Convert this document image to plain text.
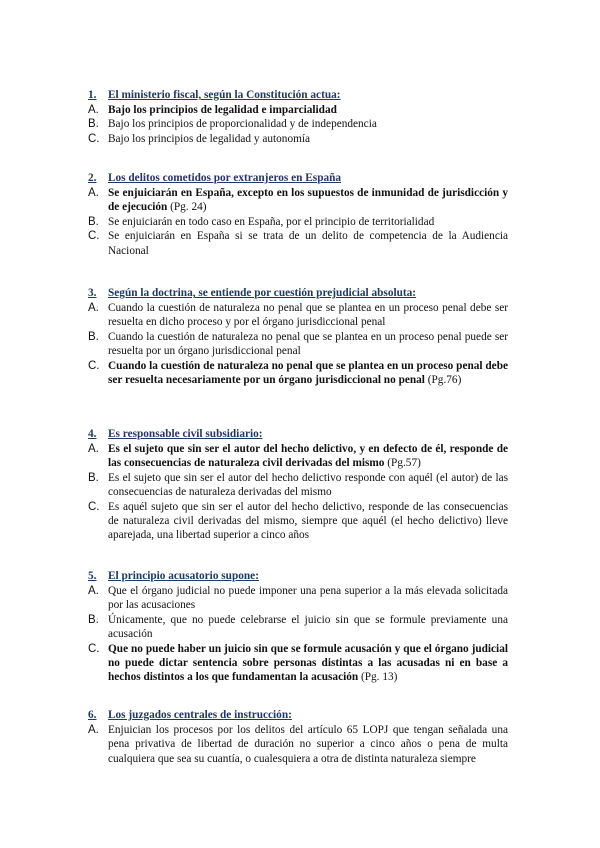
1.	El ministerio fiscal, según la Constitución actua:
A. Bajo los principios de legalidad e imparcialidad
B. Bajo los principios de proporcionalidad y de independencia
C. Bajo los principios de legalidad y autonomía
2.	Los delitos cometidos por extranjeros en España
A. Se enjuiciarán en España, excepto en los supuestos de inmunidad de jurisdicción y de ejecución (Pg. 24)
B. Se enjuiciarán en todo caso en España, por el principio de territorialidad
C. Se enjuiciarán en España si se trata de un delito de competencia de la Audiencia Nacional
3.	Según la doctrina, se entiende por cuestión prejudicial absoluta:
A. Cuando la cuestión de naturaleza no penal que se plantea en un proceso penal debe ser resuelta en dicho proceso y por el órgano jurisdiccional penal
B. Cuando la cuestión de naturaleza no penal que se plantea en un proceso penal puede ser resuelta por un órgano jurisdiccional penal
C. Cuando la cuestión de naturaleza no penal que se plantea en un proceso penal debe ser resuelta necesariamente por un órgano jurisdiccional no penal (Pg.76)
4.	Es responsable civil subsidiario:
A. Es el sujeto que sin ser el autor del hecho delictivo, y en defecto de él, responde de las consecuencias de naturaleza civil derivadas del mismo (Pg.57)
B. Es el sujeto que sin ser el autor del hecho delictivo responde con aquél (el autor) de las consecuencias de naturaleza derivadas del mismo
C. Es aquél sujeto que sin ser el autor del hecho delictivo, responde de las consecuencias de naturaleza civil derivadas del mismo, siempre que aquél (el hecho delictivo) lleve aparejada, una libertad superior a cinco años
5.	El principio acusatorio supone:
A. Que el órgano judicial no puede imponer una pena superior a la más elevada solicitada por las acusaciones
B. Únicamente, que no puede celebrarse el juicio sin que se formule previamente una acusación
C. Que no puede haber un juicio sin que se formule acusación y que el órgano judicial no puede dictar sentencia sobre personas distintas a las acusadas ni en base a hechos distintos a los que fundamentan la acusación (Pg. 13)
6.	Los juzgados centrales de instrucción:
A. Enjuician los procesos por los delitos del artículo 65 LOPJ que tengan señalada una pena privativa de libertad de duración no superior a cinco años o pena de multa cualquiera que sea su cuantía, o cualesquiera a otra de distinta naturaleza siempre
